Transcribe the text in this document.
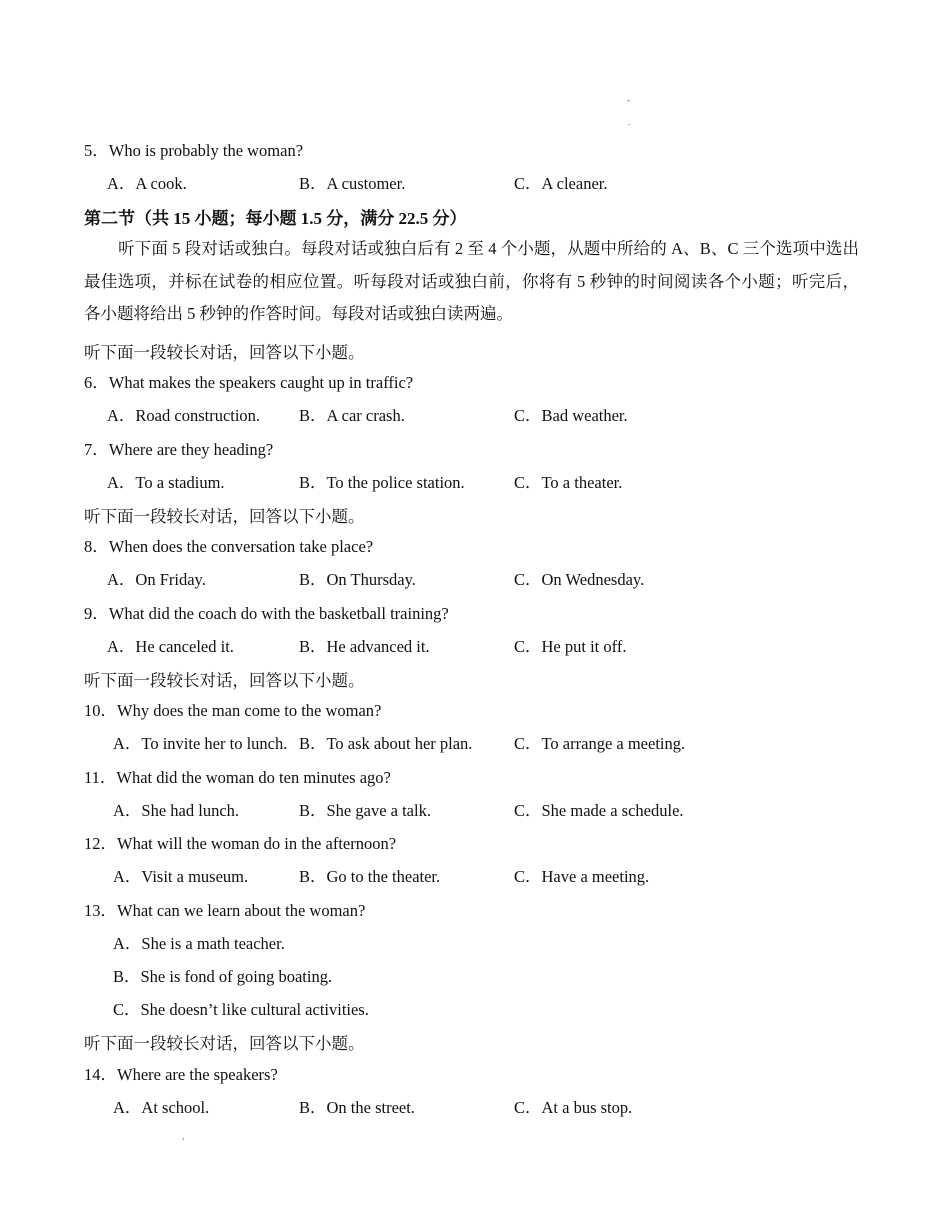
-
.
5．Who is probably the woman?
A．A cook.	B．A customer.	C．A cleaner.
第二节（共 15 小题；每小题 1.5 分，满分 22.5 分）
听下面 5 段对话或独白。每段对话或独白后有 2 至 4 个小题，从题中所给的 A、B、C 三个选项中选出最佳选项，并标在试卷的相应位置。听每段对话或独白前，你将有 5 秒钟的时间阅读各个小题；听完后，各小题将给出 5 秒钟的作答时间。每段对话或独白读两遍。
听下面一段较长对话，回答以下小题。
6．What makes the speakers caught up in traffic?
A．Road construction. B．A car crash.	C．Bad weather.
7．Where are they heading?
A．To a stadium.	B．To the police station.	C．To a theater.
听下面一段较长对话，回答以下小题。
8．When does the conversation take place?
A．On Friday.	B．On Thursday.	C．On Wednesday.
9．What did the coach do with the basketball training?
A．He canceled it.	B．He advanced it.	C．He put it off.
听下面一段较长对话，回答以下小题。
10．Why does the man come to the woman?
A．To invite her to lunch. B．To ask about her plan.	C．To arrange a meeting.
11．What did the woman do ten minutes ago?
A．She had lunch.	B．She gave a talk.	C．She made a schedule.
12．What will the woman do in the afternoon?
A．Visit a museum.	B．Go to the theater.	C．Have a meeting.
13．What can we learn about the woman?
A．She is a math teacher.
B．She is fond of going boating.
C．She doesn’t like cultural activities.
听下面一段较长对话，回答以下小题。
14．Where are the speakers?
A．At school.	B．On the street.	C．At a bus stop.
,
